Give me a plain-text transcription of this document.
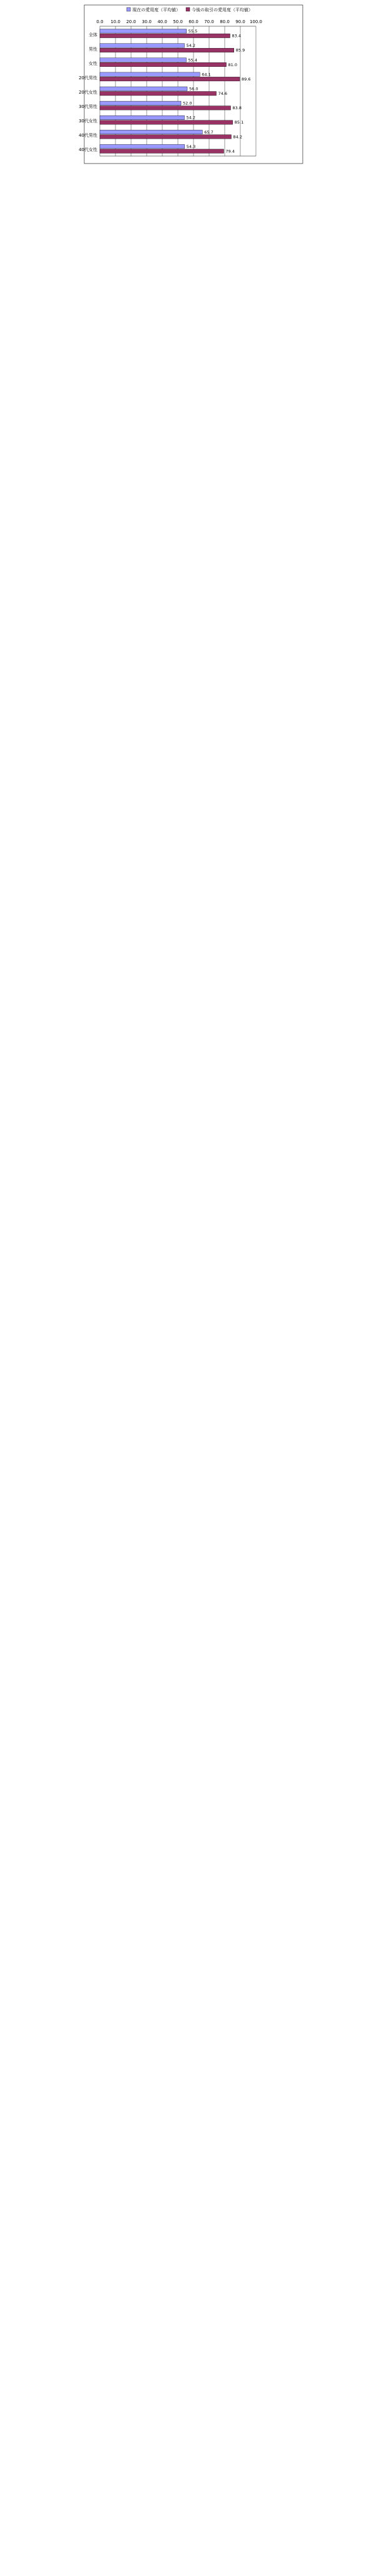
現在の愛用度（平均値）	今後の取引の愛用度（平均値）
0.0 10.0 20.0 30.0 40.0 50.0 60.0 70.0 80.0 90.0 100.0
全体
男性
女性
20代男性
20代女性
30代男性
30代女性
40代男性
40代女性
55.5
54.2
55.4
64.1
56.0
52.0
54.2
65.7
54.3
83.4
85.9
81.0
89.6
74.6
83.8
85.1
84.2
79.4
